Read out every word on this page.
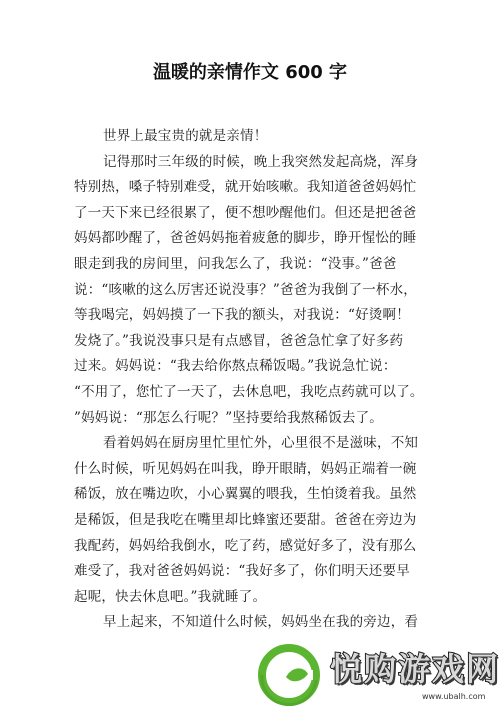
温暖的亲情作文 600 字
世界上最宝贵的就是亲情！
记得那时三年级的时候，晚上我突然发起高烧，浑身
特别热，嗓子特别难受，就开始咳嗽。我知道爸爸妈妈忙
了一天下来已经很累了，便不想吵醒他们。但还是把爸爸
妈妈都吵醒了，爸爸妈妈拖着疲惫的脚步，睁开惺忪的睡
眼走到我的房间里，问我怎么了，我说：“没事。”爸爸
说：“咳嗽的这么厉害还说没事？”爸爸为我倒了一杯水，
等我喝完，妈妈摸了一下我的额头，对我说：“好烫啊！
发烧了。”我说没事只是有点感冒，爸爸急忙拿了好多药
过来。妈妈说：“我去给你熬点稀饭喝。”我说急忙说：
“不用了，您忙了一天了，去休息吧，我吃点药就可以了。
”妈妈说：“那怎么行呢？”坚持要给我熬稀饭去了。
看着妈妈在厨房里忙里忙外，心里很不是滋味，不知
什么时候，听见妈妈在叫我，睁开眼睛，妈妈正端着一碗
稀饭，放在嘴边吹，小心翼翼的喂我，生怕烫着我。虽然
是稀饭，但是我吃在嘴里却比蜂蜜还要甜。爸爸在旁边为
我配药，妈妈给我倒水，吃了药，感觉好多了，没有那么
难受了，我对爸爸妈妈说：“我好多了，你们明天还要早
起呢，快去休息吧。”我就睡了。
早上起来，不知道什么时候，妈妈坐在我的旁边，看
悦购游戏网
www.ubalh.com
